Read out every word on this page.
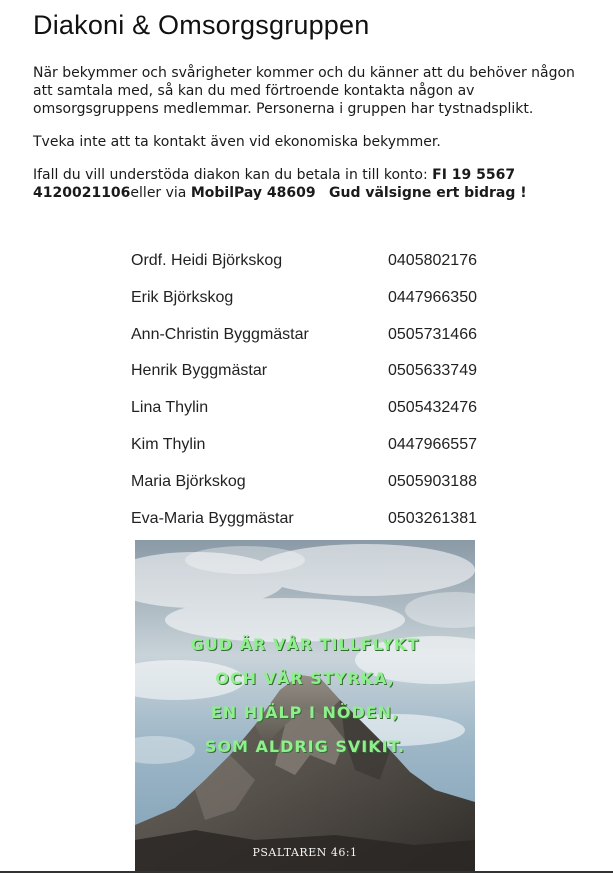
Diakoni & Omsorgsgruppen

När bekymmer och svårigheter kommer och du känner att du behöver någon att samtala med, så kan du med förtroende kontakta någon av omsorgsgruppens medlemmar. Personerna i gruppen har tystnadsplikt.

Tveka inte att ta kontakt även vid ekonomiska bekymmer.

Ifall du vill understöda diakon kan du betala in till konto: FI 19 5567 4120021106eller via MobilPay 48609 Gud välsigne ert bidrag !

Ordf. Heidi Björkskog	0405802176
Erik Björkskog	0447966350
Ann-Christin Byggmästar	0505731466
Henrik Byggmästar	0505633749
Lina Thylin	0505432476
Kim Thylin	0447966557
Maria Björkskog	0505903188
Eva-Maria Byggmästar	0503261381
GUD ÄR VÅR TILLFLYKT
OCH VÅR STYRKA,
EN HJÄLP I NÖDEN,
SOM ALDRIG SVIKIT.
PSALTAREN 46:1
